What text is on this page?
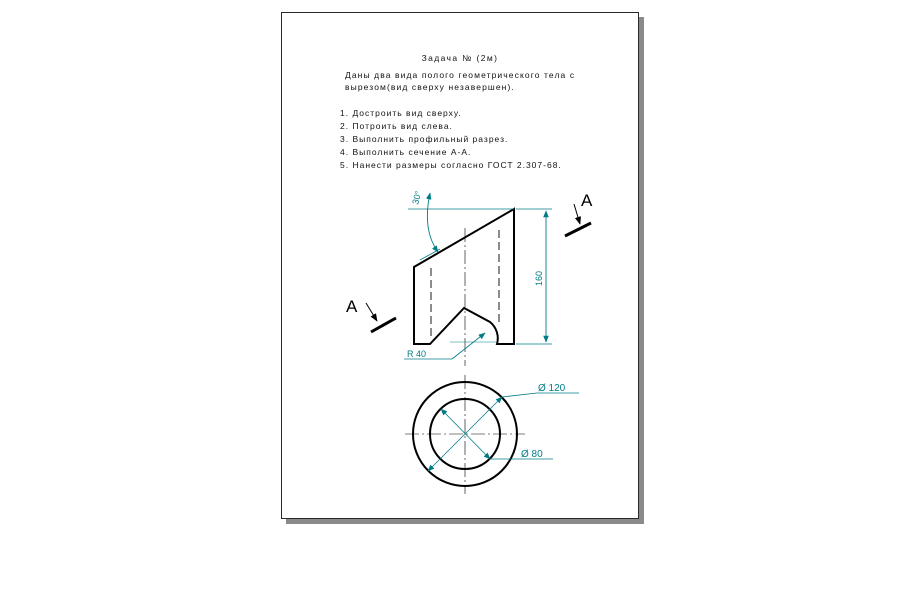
Задача № (2м)
Даны два вида полого геометрического тела с
вырезом(вид сверху незавершен).
1. Достроить вид сверху.
2. Потроить вид слева.
3. Выполнить профильный разрез.
4. Выполнить сечение А-А.
5. Нанести размеры согласно ГОСТ 2.307-68.
30°
160
R 40
А
А
Ø 120
Ø 80
